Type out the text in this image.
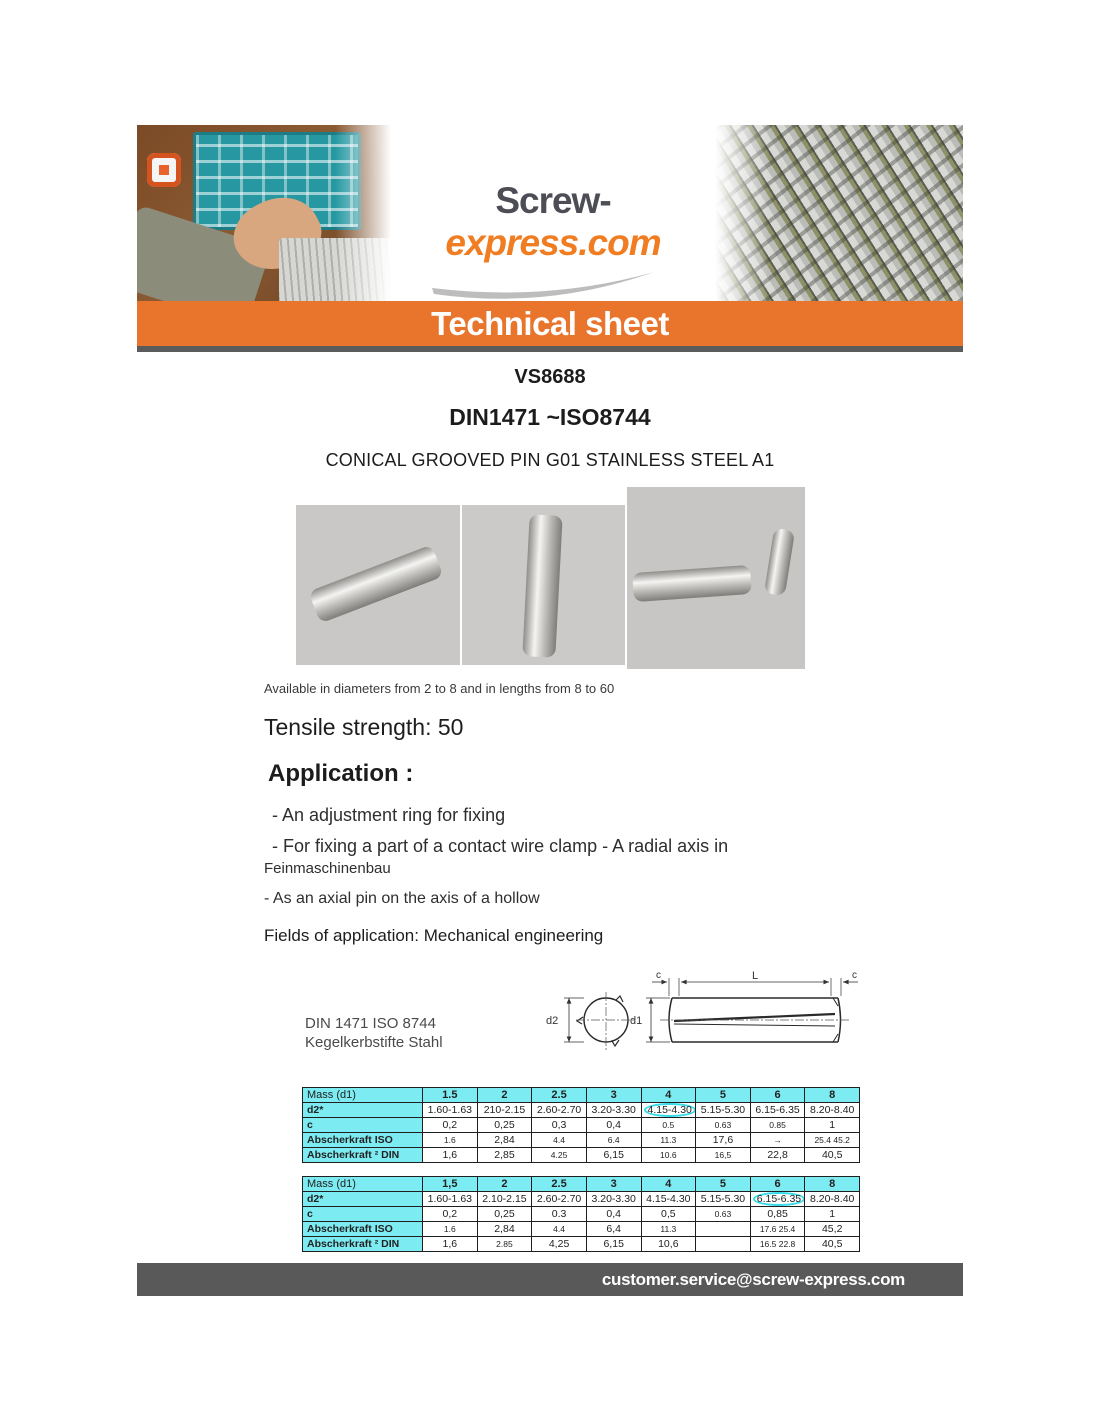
Screw-express.com
Technical sheet
VS8688
DIN1471 ~ISO8744
CONICAL GROOVED PIN G01 STAINLESS STEEL A1
Available in diameters from 2 to 8 and in lengths from 8 to 60
Tensile strength: 50
Application :
- An adjustment ring for fixing
- For fixing a part of a contact wire clamp - A radial axis in
Feinmaschinenbau
- As an axial pin on the axis of a hollow
Fields of application: Mechanical engineering
DIN 1471 ISO 8744
Kegelkerbstifte Stahl
d2	d1
c	L	c
Mass (d1)	1.5	2	2.5	3	4	5	6	8
d2*	1.60-1.63	210-2.15	2.60-2.70	3.20-3.30	4.15-4.30	5.15-5.30	6.15-6.35	8.20-8.40
c	0,2	0,25	0,3	0,4	0.5	0.63	0.85	1
Abscherkraft ISO	1.6	2,84	4.4	6.4	11.3	17,6	→	25.4 45.2
Abscherkraft ² DIN	1,6	2,85	4.25	6,15	10.6	16,5	22,8	40,5
Mass (d1)	1,5	2	2.5	3	4	5	6	8
d2*	1.60-1.63	2.10-2.15	2.60-2.70	3.20-3.30	4.15-4.30	5.15-5.30	6.15-6.35	8.20-8.40
c	0,2	0,25	0.3	0,4	0,5	0.63	0,85	1
Abscherkraft ISO	1.6	2,84	4.4	6,4	11.3		17.6 25.4	45,2
Abscherkraft ² DIN	1,6	2.85	4,25	6,15	10,6		16.5 22.8	40,5
customer.service@screw-express.com
